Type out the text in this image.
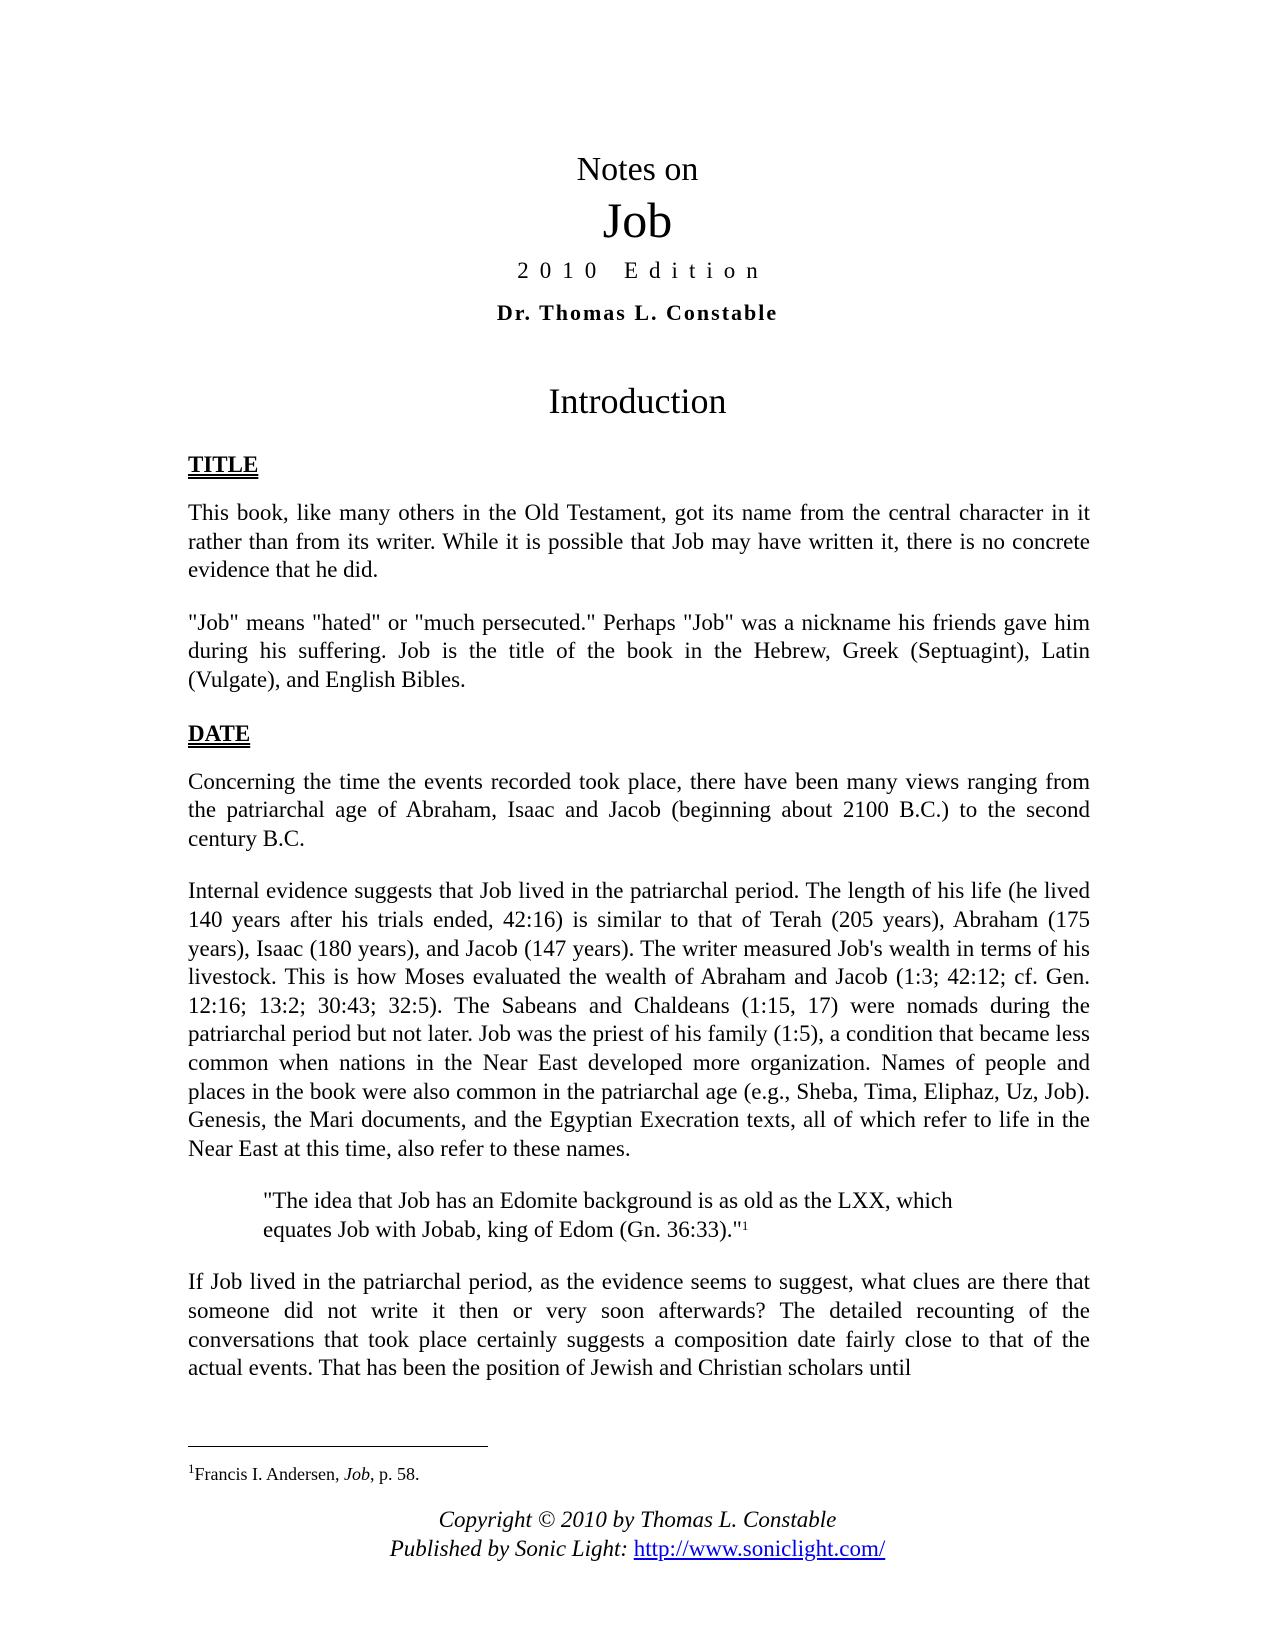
Notes on
Job
2010 Edition
Dr. Thomas L. Constable
Introduction
TITLE

This book, like many others in the Old Testament, got its name from the central character in it rather than from its writer. While it is possible that Job may have written it, there is no concrete evidence that he did.

"Job" means "hated" or "much persecuted." Perhaps "Job" was a nickname his friends gave him during his suffering. Job is the title of the book in the Hebrew, Greek (Septuagint), Latin (Vulgate), and English Bibles.

DATE

Concerning the time the events recorded took place, there have been many views ranging from the patriarchal age of Abraham, Isaac and Jacob (beginning about 2100 B.C.) to the second century B.C.

Internal evidence suggests that Job lived in the patriarchal period. The length of his life (he lived 140 years after his trials ended, 42:16) is similar to that of Terah (205 years), Abraham (175 years), Isaac (180 years), and Jacob (147 years). The writer measured Job's wealth in terms of his livestock. This is how Moses evaluated the wealth of Abraham and Jacob (1:3; 42:12; cf. Gen. 12:16; 13:2; 30:43; 32:5). The Sabeans and Chaldeans (1:15, 17) were nomads during the patriarchal period but not later. Job was the priest of his family (1:5), a condition that became less common when nations in the Near East developed more organization. Names of people and places in the book were also common in the patriarchal age (e.g., Sheba, Tima, Eliphaz, Uz, Job). Genesis, the Mari documents, and the Egyptian Execration texts, all of which refer to life in the Near East at this time, also refer to these names.

"The idea that Job has an Edomite background is as old as the LXX, which equates Job with Jobab, king of Edom (Gn. 36:33)."$^1$

If Job lived in the patriarchal period, as the evidence seems to suggest, what clues are there that someone did not write it then or very soon afterwards? The detailed recounting of the conversations that took place certainly suggests a composition date fairly close to that of the actual events. That has been the position of Jewish and Christian scholars until

$^1$Francis I. Andersen, Job, p. 58.
Copyright © 2010 by Thomas L. Constable
Published by Sonic Light: http://www.soniclight.com/
